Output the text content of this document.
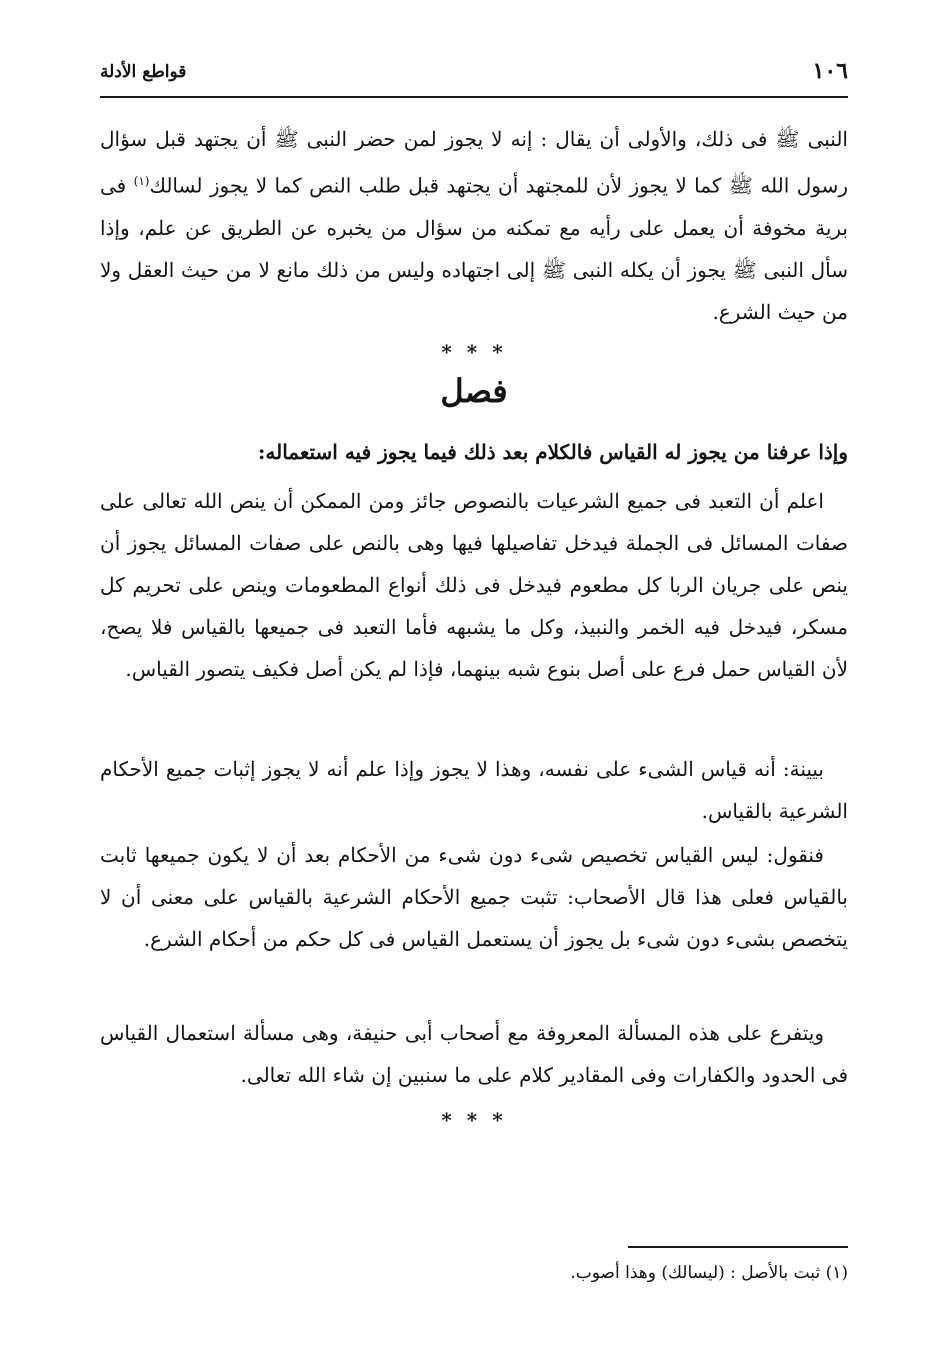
١٠٦
قواطع الأدلة
النبى ﷺ فى ذلك، والأولى أن يقال : إنه لا يجوز لمن حضر النبى ﷺ أن يجتهد قبل سؤال رسول الله ﷺ كما لا يجوز لأن للمجتهد أن يجتهد قبل طلب النص كما لا يجوز لسالك$^{(١)}$ فى برية مخوفة أن يعمل على رأيه مع تمكنه من سؤال من يخبره عن الطريق عن علم، وإذا سأل النبى ﷺ يجوز أن يكله النبى ﷺ إلى اجتهاده وليس من ذلك مانع لا من حيث العقل ولا من حيث الشرع.
* * *
فصل
وإذا عرفنا من يجوز له القياس فالكلام بعد ذلك فيما يجوز فيه استعماله:
اعلم أن التعبد فى جميع الشرعيات بالنصوص جائز ومن الممكن أن ينص الله تعالى على صفات المسائل فى الجملة فيدخل تفاصيلها فيها وهى بالنص على صفات المسائل يجوز أن ينص على جريان الربا كل مطعوم فيدخل فى ذلك أنواع المطعومات وينص على تحريم كل مسكر، فيدخل فيه الخمر والنبيذ، وكل ما يشبهه فأما التعبد فى جميعها بالقياس فلا يصح، لأن القياس حمل فرع على أصل بنوع شبه بينهما، فإذا لم يكن أصل فكيف يتصور القياس.
بيينة: أنه قياس الشىء على نفسه، وهذا لا يجوز وإذا علم أنه لا يجوز إثبات جميع الأحكام الشرعية بالقياس.
فنقول: ليس القياس تخصيص شىء دون شىء من الأحكام بعد أن لا يكون جميعها ثابت بالقياس فعلى هذا قال الأصحاب: تثبت جميع الأحكام الشرعية بالقياس على معنى أن لا يتخصص بشىء دون شىء بل يجوز أن يستعمل القياس فى كل حكم من أحكام الشرع.
ويتفرع على هذه المسألة المعروفة مع أصحاب أبى حنيفة، وهى مسألة استعمال القياس فى الحدود والكفارات وفى المقادير كلام على ما سنبين إن شاء الله تعالى.
* * *
(١) ثبت بالأصل : (ليسالك) وهذا أصوب.
